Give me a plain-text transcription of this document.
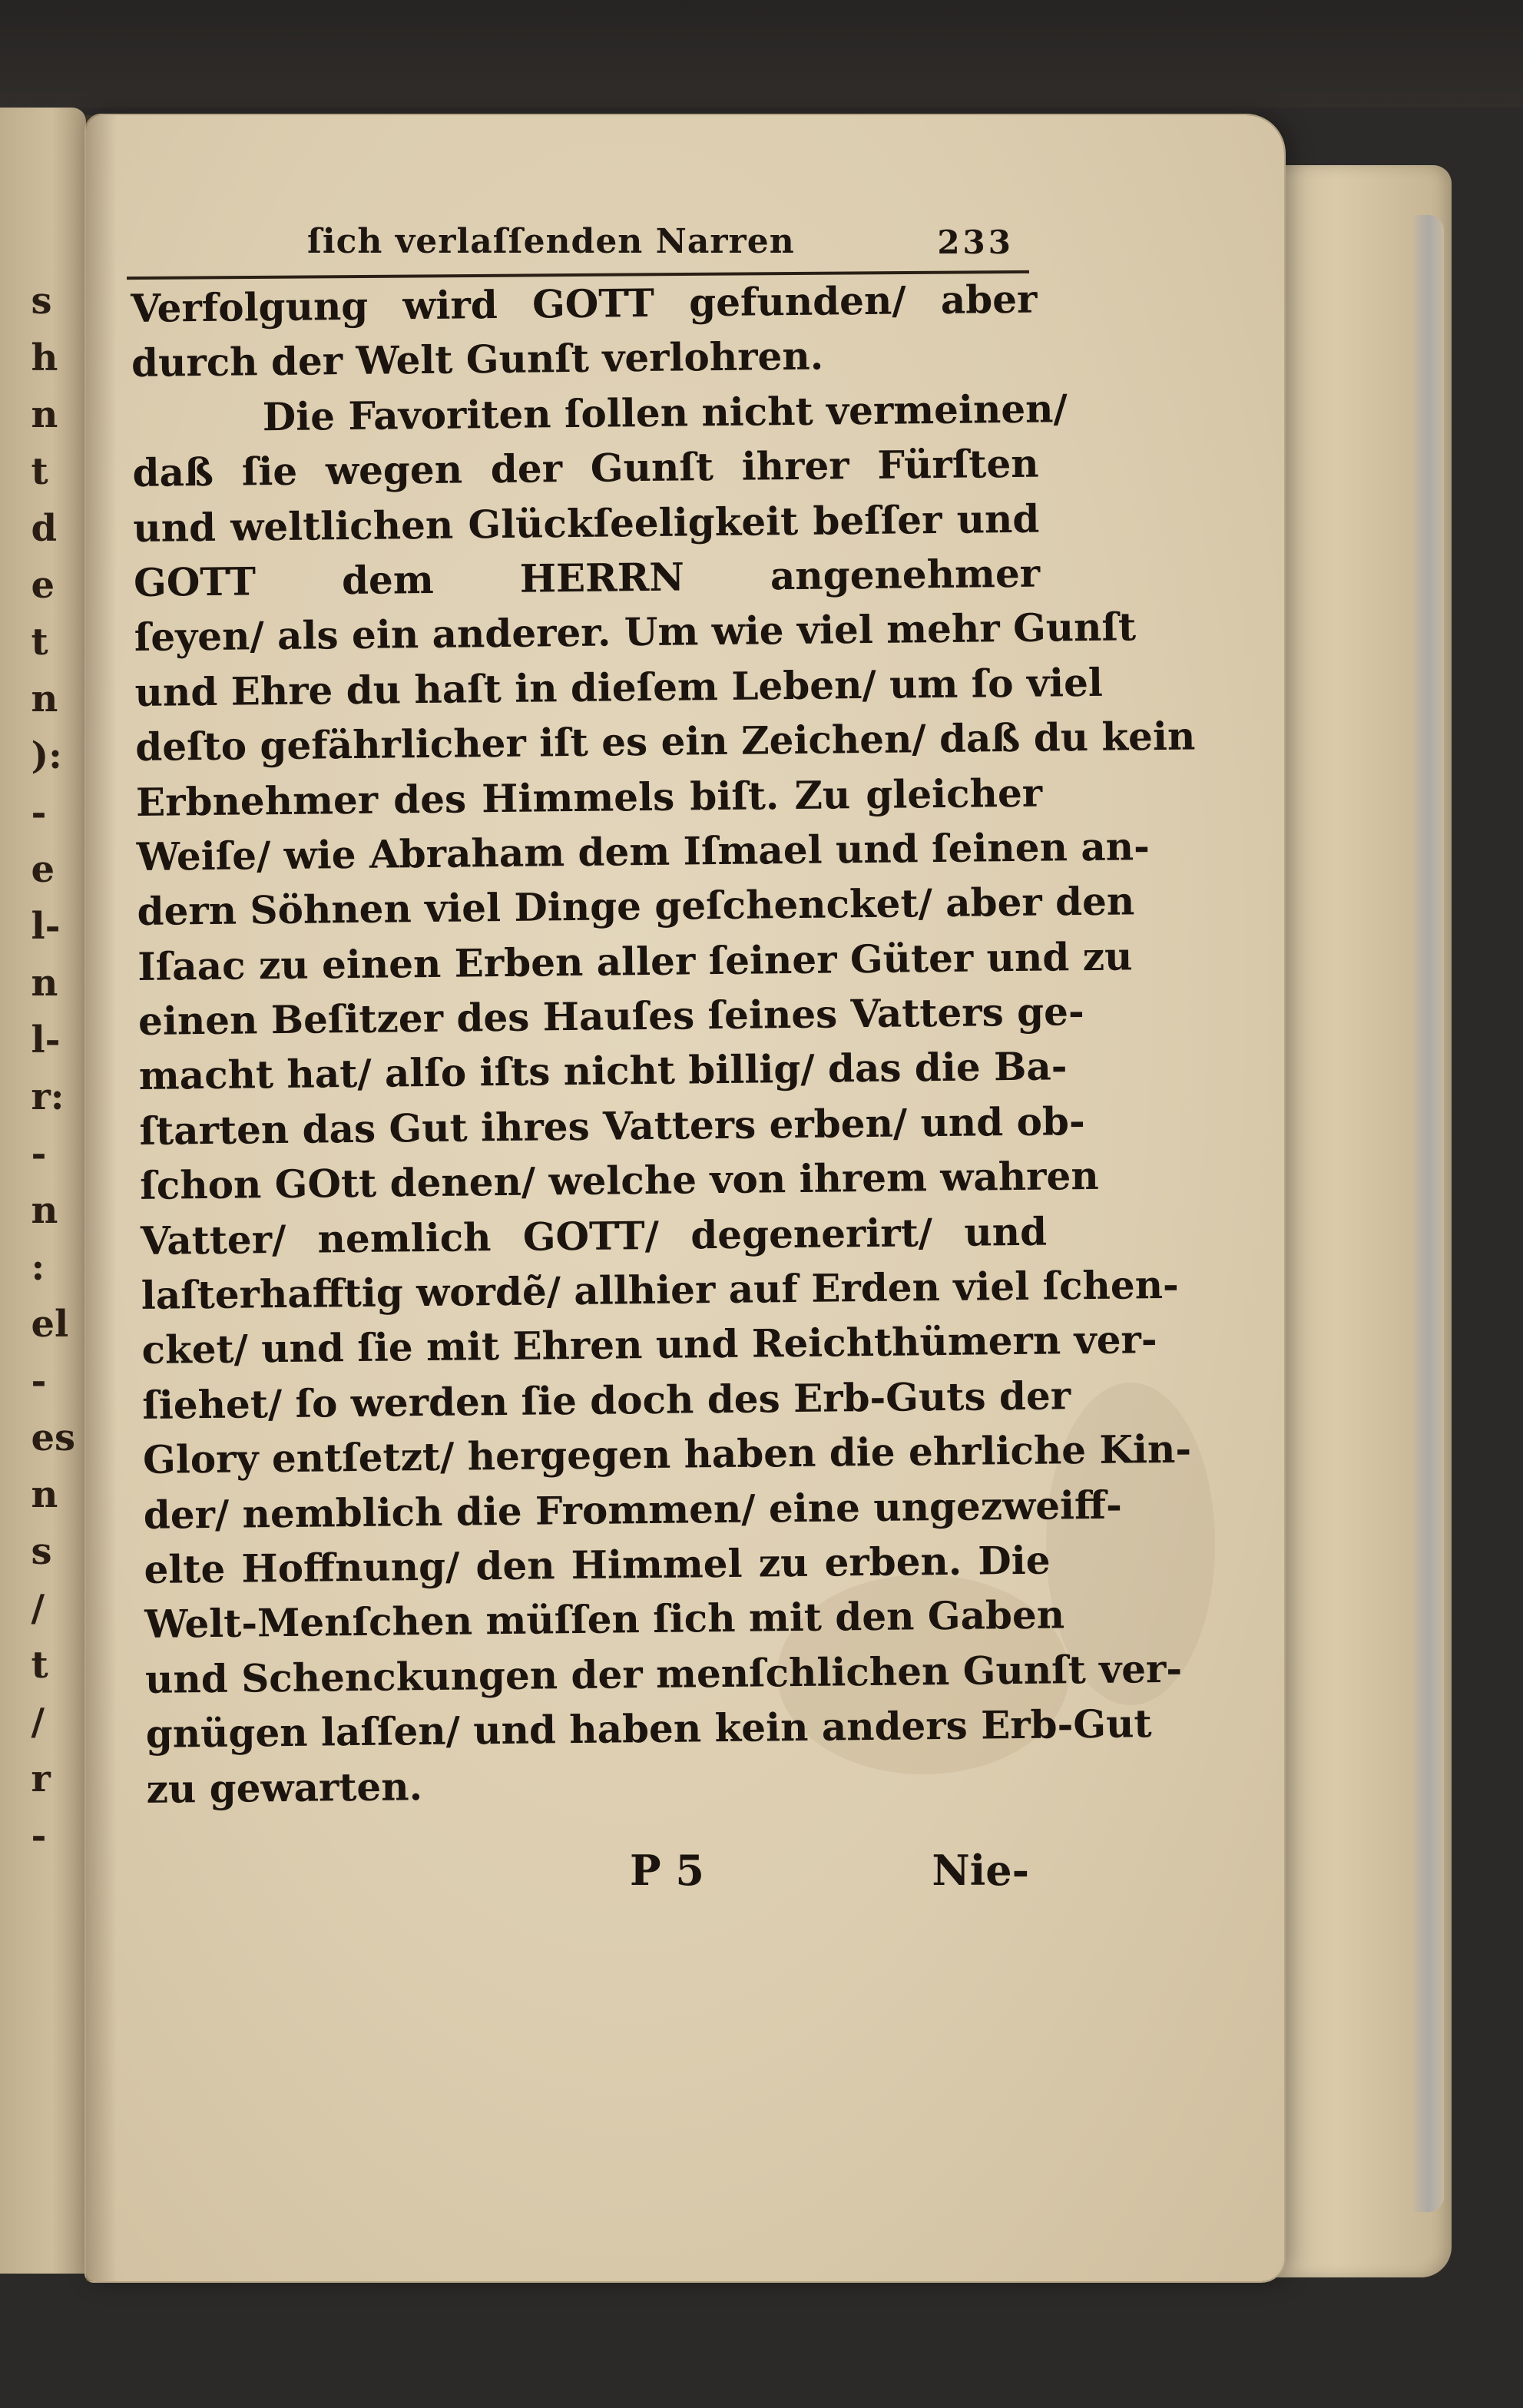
s
h
n
t
d
e
t
n
):
-
e
l-
n
l-
r:
-
n
:
el
-
es
n
s
/
t
/
r
-
ſich verlaſſenden Narren	233
Verfolgung wird GOTT gefunden/ aber
durch der Welt Gunſt verlohren.
Die Favoriten ſollen nicht vermeinen/
daß ſie wegen der Gunſt ihrer Fürſten
und weltlichen Glückſeeligkeit beſſer und
GOTT dem HERRN angenehmer
ſeyen/ als ein anderer. Um wie viel mehr Gunſt
und Ehre du haſt in dieſem Leben/ um ſo viel
deſto gefährlicher iſt es ein Zeichen/ daß du kein
Erbnehmer des Himmels biſt. Zu gleicher
Weiſe/ wie Abraham dem Iſmael und ſeinen an-
dern Söhnen viel Dinge geſchencket/ aber den
Iſaac zu einen Erben aller ſeiner Güter und zu
einen Beſitzer des Hauſes ſeines Vatters ge-
macht hat/ alſo iſts nicht billig/ das die Ba-
ſtarten das Gut ihres Vatters erben/ und ob-
ſchon GOtt denen/ welche von ihrem wahren
Vatter/ nemlich GOTT/ degenerirt/ und
laſterhafftig wordẽ/ allhier auf Erden viel ſchen-
cket/ und ſie mit Ehren und Reichthümern ver-
ſiehet/ ſo werden ſie doch des Erb-Guts der
Glory entſetzt/ hergegen haben die ehrliche Kin-
der/ nemblich die Frommen/ eine ungezweiff-
elte Hoffnung/ den Himmel zu erben. Die
Welt-Menſchen müſſen ſich mit den Gaben
und Schenckungen der menſchlichen Gunſt ver-
gnügen laſſen/ und haben kein anders Erb-Gut
zu gewarten.
P 5	Nie-
